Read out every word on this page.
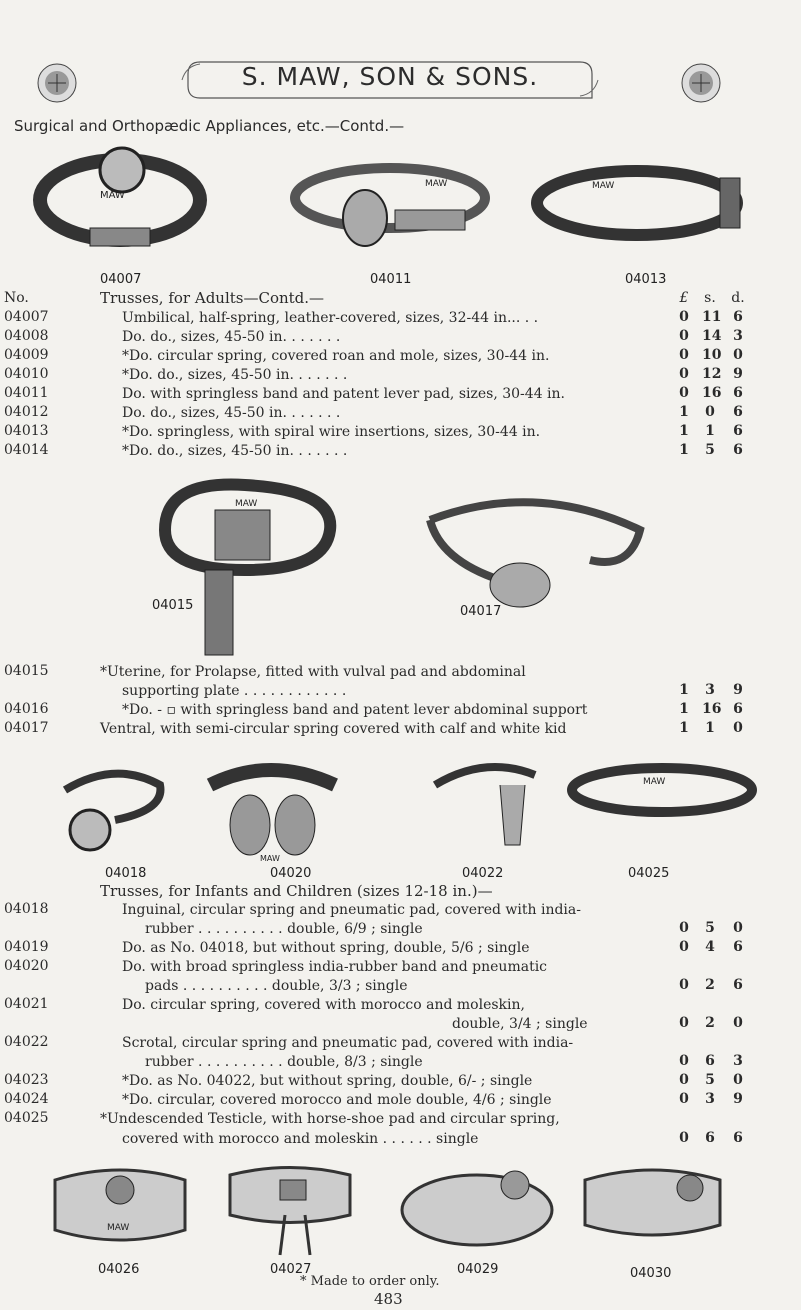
S. MAW, SON & SONS.
Surgical and Orthopædic Appliances, etc.—Contd.—
MAW
MAW	MAW
04007	04011	04013
No.	Trusses, for Adults—Contd.—	£ s. d.
04007	Umbilical, half-spring, leather-covered, sizes, 32-44 in... . .	0 11 6
04008	Do. do., sizes, 45-50 in. . . . . . .	0 14 3
04009	*Do. circular spring, covered roan and mole, sizes, 30-44 in.	0 10 0
04010	*Do. do., sizes, 45-50 in. . . . . . .	0 12 9
04011	Do. with springless band and patent lever pad, sizes, 30-44 in.	0 16 6
04012	Do. do., sizes, 45-50 in. . . . . . .	1 0 6
04013	*Do. springless, with spiral wire insertions, sizes, 30-44 in.	1 1 6
04014	*Do. do., sizes, 45-50 in. . . . . . .	1 5 6
MAW
04015	04017
04015	*Uterine, for Prolapse, fitted with vulval pad and abdominal
supporting plate . . . . . . . . . . . .	1 3 9
04016	*Do. - ▫ with springless band and patent lever abdominal support	1 16 6
04017	Ventral, with semi-circular spring covered with calf and white kid	1 1 0
MAW
MAW
04018	04020	04022	04025
Trusses, for Infants and Children (sizes 12-18 in.)—
04018	Inguinal, circular spring and pneumatic pad, covered with india-
rubber . . . . . . . . . . double, 6/9 ; single	0 5 0
04019	Do. as No. 04018, but without spring, double, 5/6 ; single	0 4 6
04020	Do. with broad springless india-rubber band and pneumatic
pads . . . . . . . . . . double, 3/3 ; single	0 2 6
04021	Do. circular spring, covered with morocco and moleskin,
double, 3/4 ; single	0 2 0
04022	Scrotal, circular spring and pneumatic pad, covered with india-
rubber . . . . . . . . . . double, 8/3 ; single	0 6 3
04023	*Do. as No. 04022, but without spring, double, 6/- ; single	0 5 0
04024	*Do. circular, covered morocco and mole double, 4/6 ; single	0 3 9
04025	*Undescended Testicle, with horse-shoe pad and circular spring,
covered with morocco and moleskin . . . . . . single	0 6 6
MAW
04026	04027	04029	04030
* Made to order only.
483
